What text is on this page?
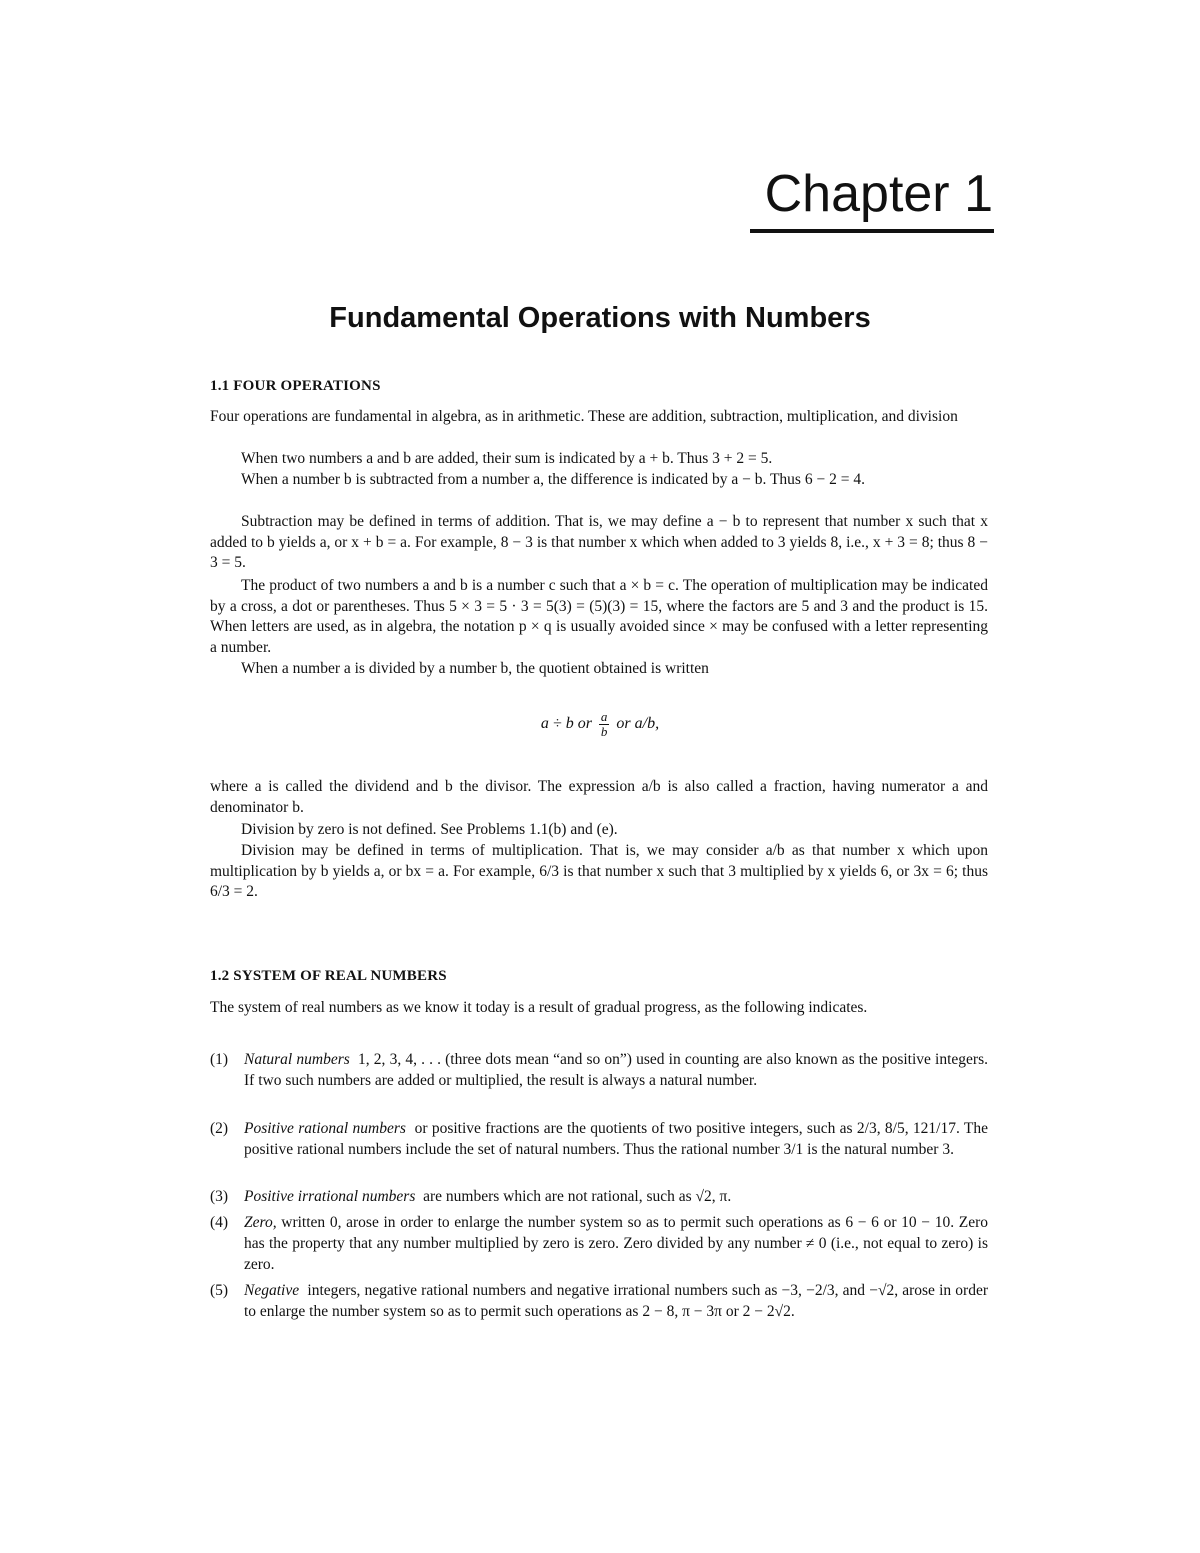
Chapter 1
Fundamental Operations with Numbers
1.1 FOUR OPERATIONS
Four operations are fundamental in algebra, as in arithmetic. These are addition, subtraction, multiplication, and division
When two numbers a and b are added, their sum is indicated by a + b. Thus 3 + 2 = 5.
When a number b is subtracted from a number a, the difference is indicated by a − b. Thus 6 − 2 = 4.
Subtraction may be defined in terms of addition. That is, we may define a − b to represent that number x such that x added to b yields a, or x + b = a. For example, 8 − 3 is that number x which when added to 3 yields 8, i.e., x + 3 = 8; thus 8 − 3 = 5.
The product of two numbers a and b is a number c such that a × b = c. The operation of multiplication may be indicated by a cross, a dot or parentheses. Thus 5 × 3 = 5 · 3 = 5(3) = (5)(3) = 15, where the factors are 5 and 3 and the product is 15. When letters are used, as in algebra, the notation p × q is usually avoided since × may be confused with a letter representing a number.
When a number a is divided by a number b, the quotient obtained is written
a ÷ b or $\frac{a}{b}$ or a/b,
where a is called the dividend and b the divisor. The expression a/b is also called a fraction, having numerator a and denominator b.
Division by zero is not defined. See Problems 1.1(b) and (e).
Division may be defined in terms of multiplication. That is, we may consider a/b as that number x which upon multiplication by b yields a, or bx = a. For example, 6/3 is that number x such that 3 multiplied by x yields 6, or 3x = 6; thus 6/3 = 2.
1.2 SYSTEM OF REAL NUMBERS
The system of real numbers as we know it today is a result of gradual progress, as the following indicates.
(1)	Natural numbers 1, 2, 3, 4, . . . (three dots mean “and so on”) used in counting are also known as the positive integers. If two such numbers are added or multiplied, the result is always a natural number.
(2)	Positive rational numbers or positive fractions are the quotients of two positive integers, such as 2/3, 8/5, 121/17. The positive rational numbers include the set of natural numbers. Thus the rational number 3/1 is the natural number 3.
(3)	Positive irrational numbers are numbers which are not rational, such as √2, π.
(4)	Zero, written 0, arose in order to enlarge the number system so as to permit such operations as 6 − 6 or 10 − 10. Zero has the property that any number multiplied by zero is zero. Zero divided by any number ≠ 0 (i.e., not equal to zero) is zero.
(5)	Negative integers, negative rational numbers and negative irrational numbers such as −3, −2/3, and −√2, arose in order to enlarge the number system so as to permit such operations as 2 − 8, π − 3π or 2 − 2√2.
